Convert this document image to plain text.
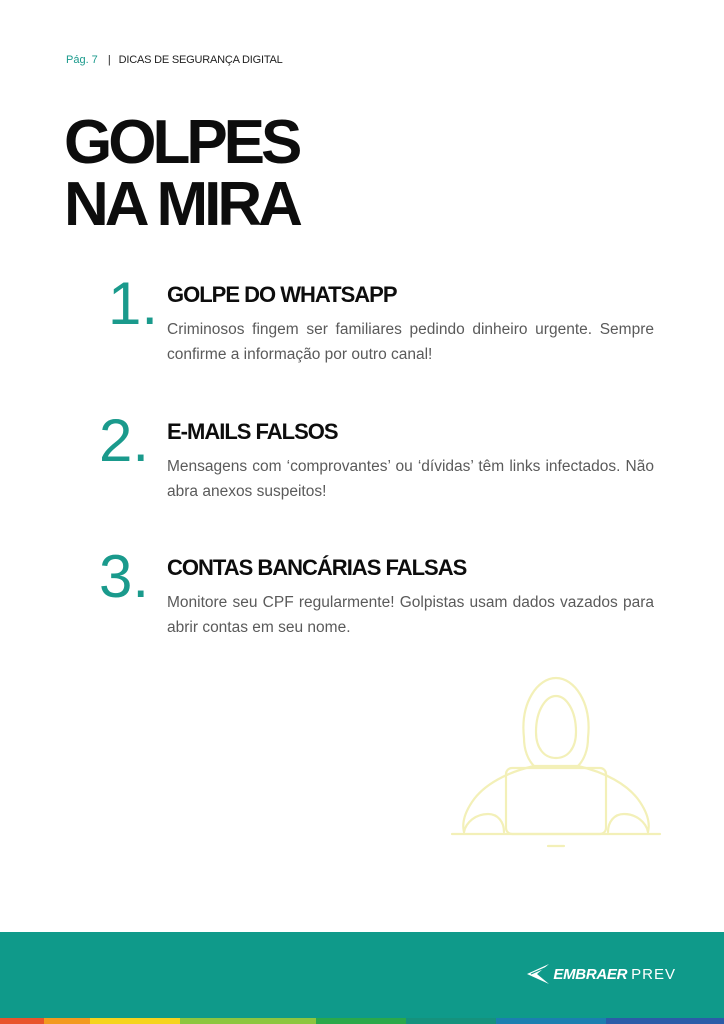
Pág. 7 | DICAS DE SEGURANÇA DIGITAL
GOLPES
NA MIRA
1. GOLPE DO WHATSAPP
Criminosos fingem ser familiares pedindo dinheiro urgente. Sempre confirme a informação por outro canal!
2. E-MAILS FALSOS
Mensagens com ‘comprovantes’ ou ‘dívidas’ têm links infectados. Não abra anexos suspeitos!
3. CONTAS BANCÁRIAS FALSAS
Monitore seu CPF regularmente! Golpistas usam dados vazados para abrir contas em seu nome.
EMBRAER PREV
